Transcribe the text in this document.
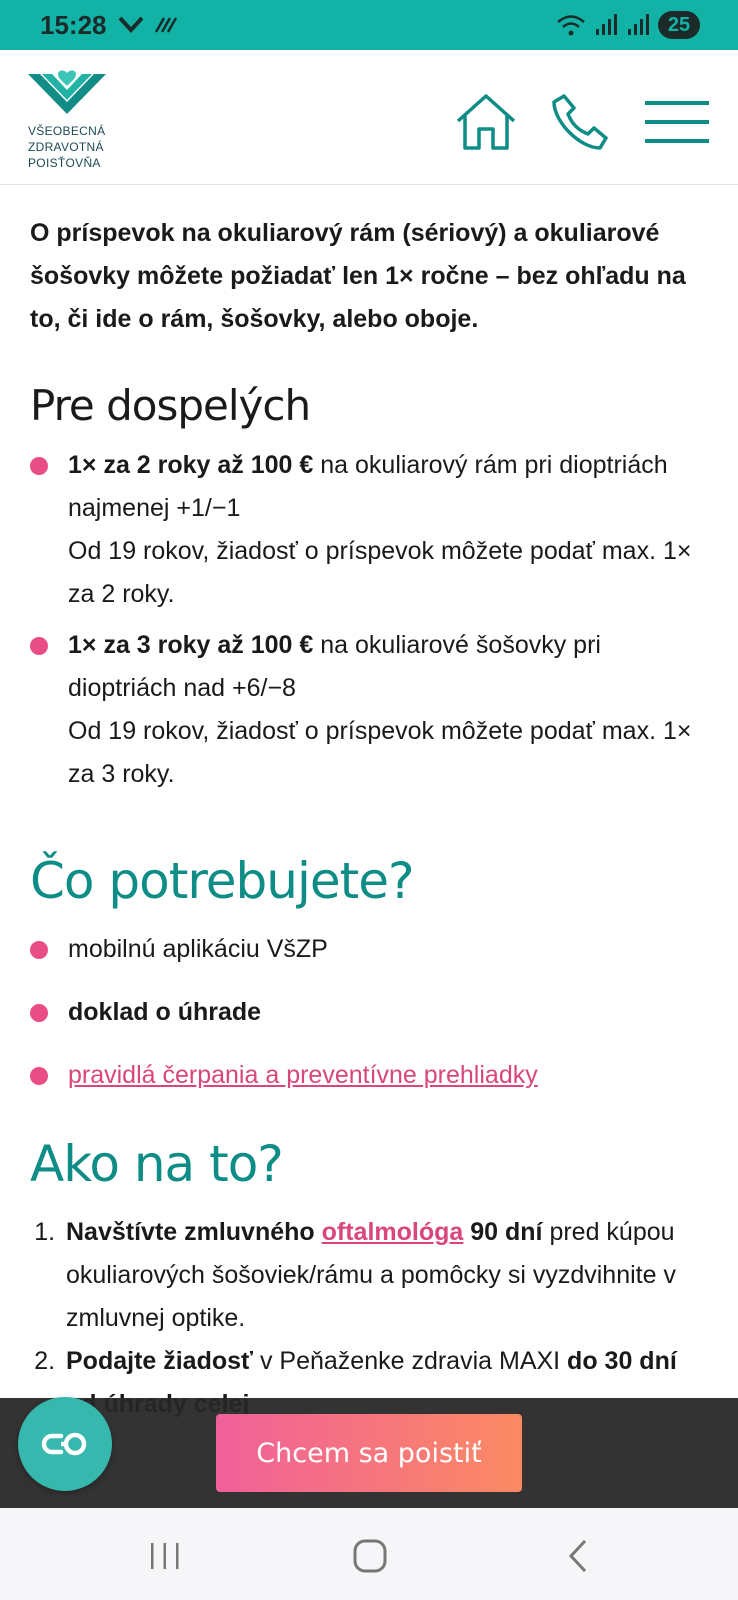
15:28	25
VŠEOBECNÁ
ZDRAVOTNÁ
POISŤOVŇA

O príspevok na okuliarový rám (sériový) a okuliarové šošovky môžete požiadať len 1× ročne – bez ohľadu na to, či ide o rám, šošovky, alebo oboje.

Pre dospelých
1× za 2 roky až 100 € na okuliarový rám pri dioptriách najmenej +1/−1
Od 19 rokov, žiadosť o príspevok môžete podať max. 1× za 2 roky.
1× za 3 roky až 100 € na okuliarové šošovky pri dioptriách nad +6/−8
Od 19 rokov, žiadosť o príspevok môžete podať max. 1× za 3 roky.
Čo potrebujete?
mobilnú aplikáciu VšZP
doklad o úhrade
pravidlá čerpania a preventívne prehliadky
Ako na to?
1. Navštívte zmluvného oftalmológa 90 dní pred kúpou okuliarových šošoviek/rámu a pomôcky si vyzdvihnite v zmluvnej optike.
2. Podajte žiadosť v Peňaženke zdravia MAXI do 30 dní
Chcem sa poistiť
